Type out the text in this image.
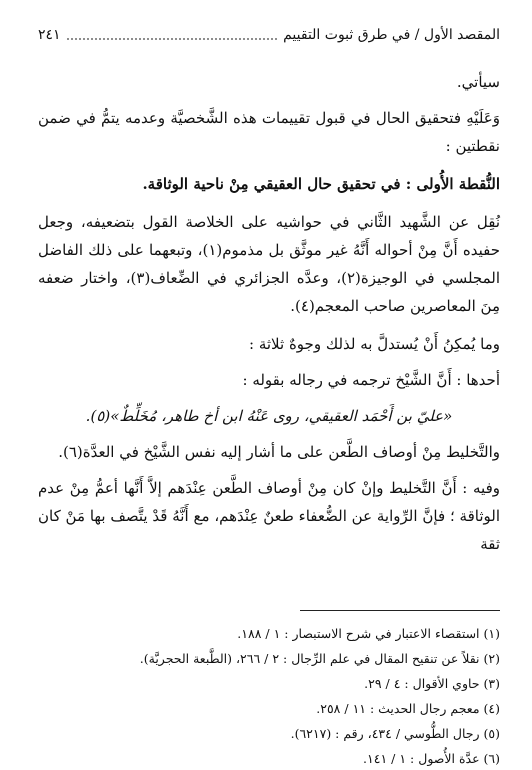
المقصد الأول / في طرق ثبوت التقييم
٢٤١

سيأتي.

وَعَلَيْهِ فتحقيق الحال في قبول تقييمات هذه الشَّخصيَّة وعدمه يتمُّ في ضمن نقطتين :

النُّقطة الأُولى : في تحقيق حال العقيقي مِنْ ناحية الوثاقة.

نُقِل عن الشَّهيد الثَّاني في حواشيه على الخلاصة القول بتضعيفه، وجعل حفيده أَنَّ مِنْ أحواله أَنَّهُ غير موثَّق بل مذموم(١)، وتبعهما على ذلك الفاضل المجلسي في الوجيزة(٢)، وعدَّه الجزائري في الضِّعاف(٣)، واختار ضعفه مِنَ المعاصرين صاحب المعجم(٤).

وما يُمكِنُ أَنْ يُستدلَّ به لذلك وجوهٌ ثلاثة :

أحدها : أَنَّ الشَّيْخ ترجمه في رجاله بقوله :

«عليّ بن أَحْمَد العقيقي، روى عَنْهُ ابن أخ طاهر، مُخَلِّطٌ»(٥).

والتَّخليط مِنْ أوصاف الطَّعن على ما أشار إليه نفس الشَّيْخ في العدَّة(٦).

وفيه : أَنَّ التَّخليط وإنْ كان مِنْ أوصاف الطَّعن عِنْدَهم إلاَّ أَنَّها أعمُّ مِنْ عدم الوثاقة ؛ فإنَّ الرِّواية عن الضُّعفاء طعنٌ عِنْدَهم، مع أَنَّهُ قَدْ يتَّصف بها مَنْ كان ثقة

(١) استقصاء الاعتبار في شرح الاستبصار : ١ / ١٨٨.

(٢) نقلاً عن تنقيح المقال في علم الرِّجال : ٢ / ٢٦٦، (الطَّبعة الحجريَّة).

(٣) حاوي الأقوال : ٤ / ٢٩.

(٤) معجم رجال الحديث : ١١ / ٢٥٨.

(٥) رجال الطُّوسي / ٤٣٤، رقم : (٦٢١٧).

(٦) عدَّة الأُصول : ١ / ١٤١.
